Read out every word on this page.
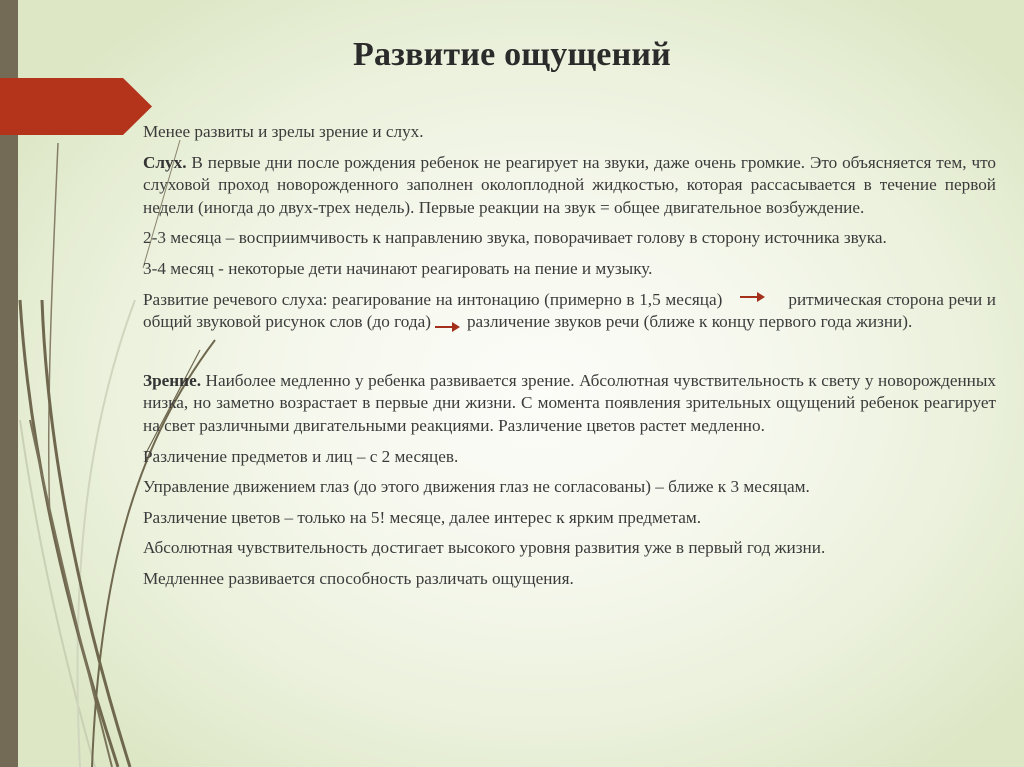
Развитие ощущений

Менее развиты и зрелы зрение и слух.

Слух. В первые дни после рождения ребенок не реагирует на звуки, даже очень громкие. Это объясняется тем, что слуховой проход новорожденного заполнен околоплодной жидкостью, которая рассасывается в течение первой недели (иногда до двух-трех недель). Первые реакции на звук = общее двигательное возбуждение.

2-3 месяца – восприимчивость к направлению звука, поворачивает голову в сторону источника звука.

3-4 месяц - некоторые дети начинают реагировать на пение и музыку.

Развитие речевого слуха: реагирование на интонацию (примерно в 1,5 месяца)	ритмическая сторона речи и общий звуковой рисунок слов (до года) различение звуков речи (ближе к концу первого года жизни).

Зрение. Наиболее медленно у ребенка развивается зрение. Абсолютная чувствительность к свету у новорожденных низка, но заметно возрастает в первые дни жизни. С момента появления зрительных ощущений ребенок реагирует на свет различными двигательными реакциями. Различение цветов растет медленно.

Различение предметов и лиц – с 2 месяцев.

Управление движением глаз (до этого движения глаз не согласованы) – ближе к 3 месяцам.

Различение цветов – только на 5! месяце, далее интерес к ярким предметам.

Абсолютная чувствительность достигает высокого уровня развития уже в первый год жизни.

Медленнее развивается способность различать ощущения.
